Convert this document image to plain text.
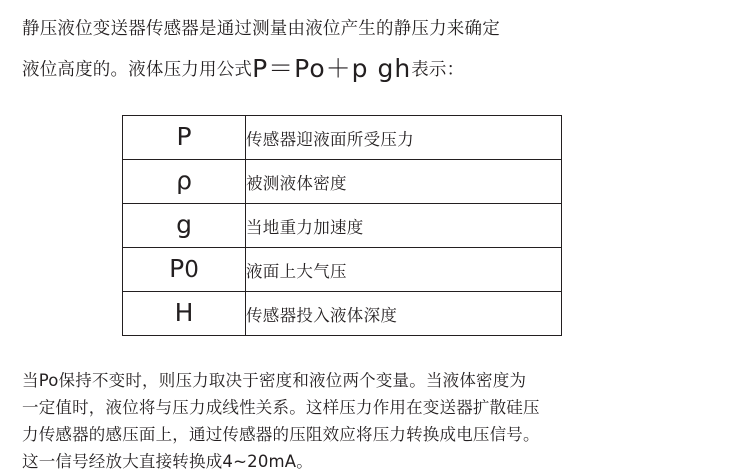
静压液位变送器传感器是通过测量由液位产生的静压力来确定
液位高度的。液体压力用公式P＝Po＋p gh表示：
P	传感器迎液面所受压力
ρ	被测液体密度
g	当地重力加速度
P0	液面上大气压
H	传感器投入液体深度
当Po保持不变时，则压力取决于密度和液位两个变量。当液体密度为
一定值时，液位将与压力成线性关系。这样压力作用在变送器扩散硅压
力传感器的感压面上，通过传感器的压阻效应将压力转换成电压信号。
这一信号经放大直接转换成4~20mA。
